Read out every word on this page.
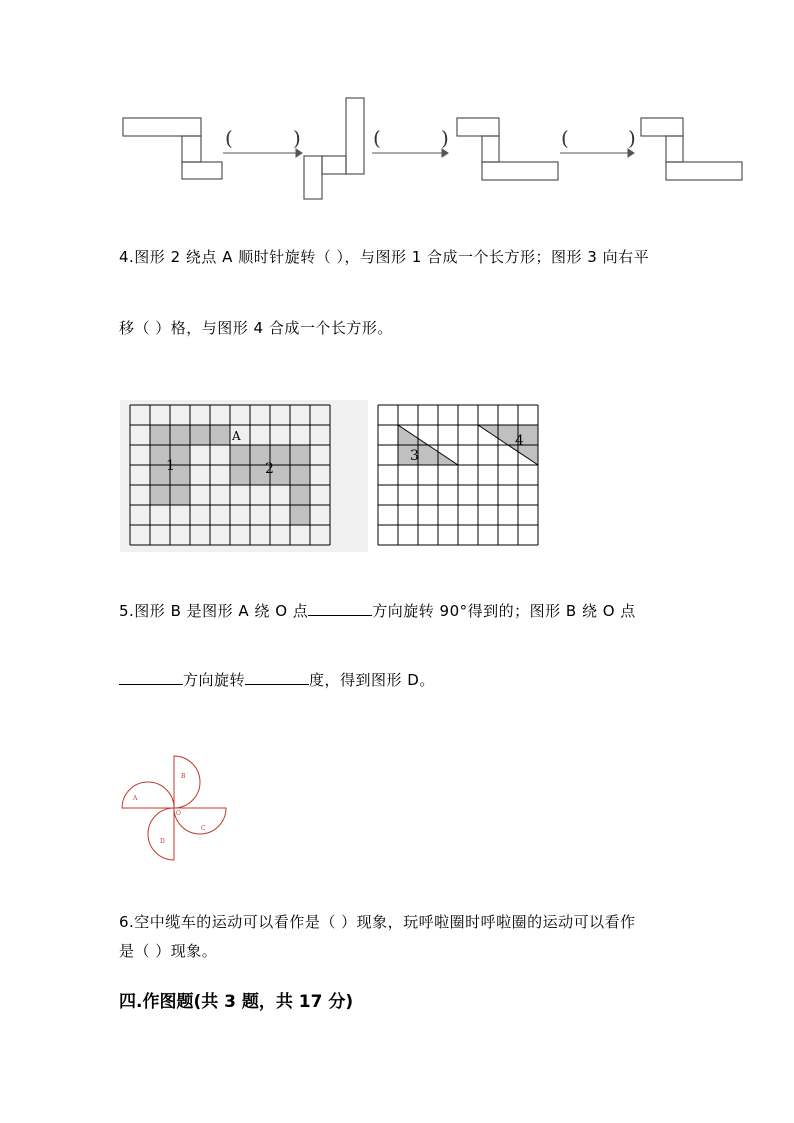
(	)	(	)	(	)
4.图形 2 绕点 A 顺时针旋转（ ），与图形 1 合成一个长方形；图形 3 向右平
移（ ）格，与图形 4 合成一个长方形。
1	2
A
3
4
5.图形 B 是图形 A 绕 O 点	方向旋转 90°得到的；图形 B 绕 O 点
方向旋转	度，得到图形 D。
A
B
C
D
O
6.空中缆车的运动可以看作是（ ）现象，玩呼啦圈时呼啦圈的运动可以看作
是（ ）现象。
四.作图题(共 3 题，共 17 分)
